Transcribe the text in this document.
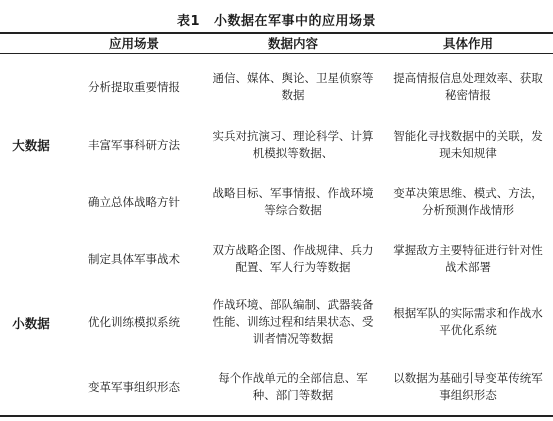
表1 小数据在军事中的应用场景
应用场景	数据内容	具体作用
大数据
小数据
分析提取重要情报
通信、媒体、舆论、卫星侦察等数据
提高情报信息处理效率、获取秘密情报
丰富军事科研方法
实兵对抗演习、理论科学、计算机模拟等数据、
智能化寻找数据中的关联，发现未知规律
确立总体战略方针
战略目标、军事情报、作战环境等综合数据
变革决策思维、模式、方法，分析预测作战情形
制定具体军事战术
双方战略企图、作战规律、兵力配置、军人行为等数据
掌握敌方主要特征进行针对性战术部署
优化训练模拟系统
作战环境、部队编制、武器装备性能、训练过程和结果状态、受训者情况等数据
根据军队的实际需求和作战水平优化系统
变革军事组织形态
每个作战单元的全部信息、军种、部门等数据
以数据为基础引导变革传统军事组织形态
